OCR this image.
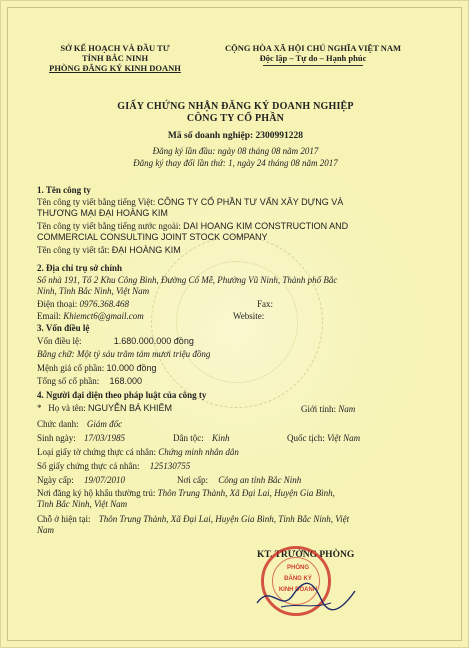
SỞ KẾ HOẠCH VÀ ĐẦU TƯ
TỈNH BẮC NINH
PHÒNG ĐĂNG KÝ KINH DOANH
CỘNG HÒA XÃ HỘI CHỦ NGHĨA VIỆT NAM
Độc lập – Tự do – Hạnh phúc
GIẤY CHỨNG NHẬN ĐĂNG KÝ DOANH NGHIỆP
CÔNG TY CỔ PHẦN
Mã số doanh nghiệp: 2300991228
Đăng ký lần đầu: ngày 08 tháng 08 năm 2017
Đăng ký thay đổi lần thứ: 1, ngày 24 tháng 08 năm 2017
1. Tên công ty
Tên công ty viết bằng tiếng Việt: CÔNG TY CỔ PHẦN TƯ VẤN XÂY DỰNG VÀ
THƯƠNG MẠI ĐẠI HOÀNG KIM
Tên công ty viết bằng tiếng nước ngoài: DAI HOANG KIM CONSTRUCTION AND
COMMERCIAL CONSULTING JOINT STOCK COMPANY
Tên công ty viết tắt: ĐẠI HOÀNG KIM
2. Địa chỉ trụ sở chính
Số nhà 191, Tổ 2 Khu Công Bình, Đường Cổ Mễ, Phường Vũ Ninh, Thành phố Bắc
Ninh, Tỉnh Bắc Ninh, Việt Nam
Điện thoại: 0976.368.468	Fax:
Email: Khiemct6@gmail.com	Website:
3. Vốn điều lệ
Vốn điều lệ:	1.680.000.000 đồng
Bằng chữ: Một tỷ sáu trăm tám mươi triệu đồng
Mệnh giá cổ phần: 10.000 đồng
Tổng số cổ phần: 168.000
4. Người đại diện theo pháp luật của công ty
*   Họ và tên: NGUYỄN BÁ KHIÊM	Giới tính: Nam
Chức danh: Giám đốc
Sinh ngày: 17/03/1985	Dân tộc: Kinh	Quốc tịch: Việt Nam
Loại giấy tờ chứng thực cá nhân: Chứng minh nhân dân
Số giấy chứng thực cá nhân: 125130755
Ngày cấp: 19/07/2010	Nơi cấp: Công an tỉnh Bắc Ninh
Nơi đăng ký hộ khẩu thường trú: Thôn Trung Thành, Xã Đại Lai, Huyện Gia Bình,
Tỉnh Bắc Ninh, Việt Nam
Chỗ ở hiện tại: Thôn Trung Thành, Xã Đại Lai, Huyện Gia Bình, Tỉnh Bắc Ninh, Việt
Nam
KT. TRƯỞNG PHÒNG
PHÒNG
ĐĂNG KÝ
KINH DOANH
